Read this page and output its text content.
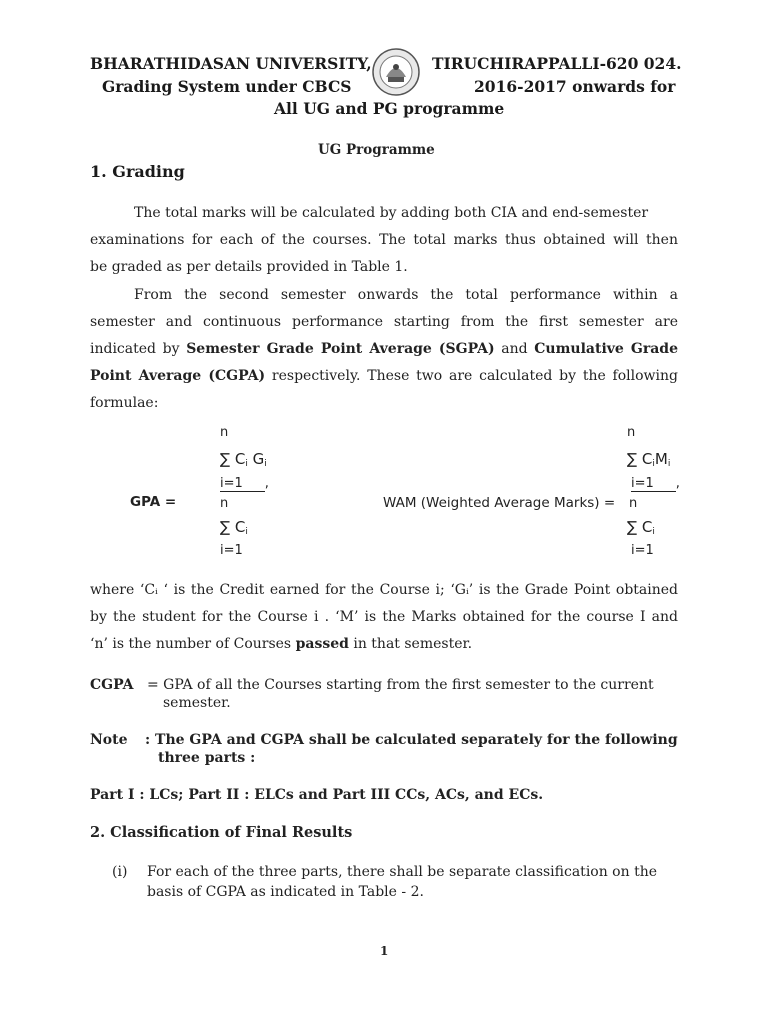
BHARATHIDASAN UNIVERSITY,	TIRUCHIRAPPALLI-620 024.
Grading System under CBCS	2016-2017 onwards for
All UG and PG programme
UG Programme
1. Grading
The total marks will be calculated by adding both CIA and end-semester
examinations for each of the courses. The total marks thus obtained will then
be graded as per details provided in Table 1.
From the second semester onwards the total performance within a
semester and continuous performance starting from the first semester are
indicated by Semester Grade Point Average (SGPA) and Cumulative Grade
Point Average (CGPA) respectively. These two are calculated by the following
formulae:
n
∑ $C_i$ $G_i$
i=1 ,
GPA =	n
∑ $C_i$
i=1
n
∑ $C_iM_i$
i=1 ,
WAM (Weighted Average Marks) = n
∑ $C_i$
i=1
where ‘Cᵢ ‘ is the Credit earned for the Course i; ‘Gᵢ’ is the Grade Point obtained
by the student for the Course i . ‘M’ is the Marks obtained for the course I and
‘n’ is the number of Courses passed in that semester.
CGPA = GPA of all the Courses starting from the first semester to the current
semester.
Note : The GPA and CGPA shall be calculated separately for the following
three parts :
Part I : LCs; Part II : ELCs and Part III CCs, ACs, and ECs.
2. Classification of Final Results
(i) For each of the three parts, there shall be separate classification on the
basis of CGPA as indicated in Table - 2.
1
